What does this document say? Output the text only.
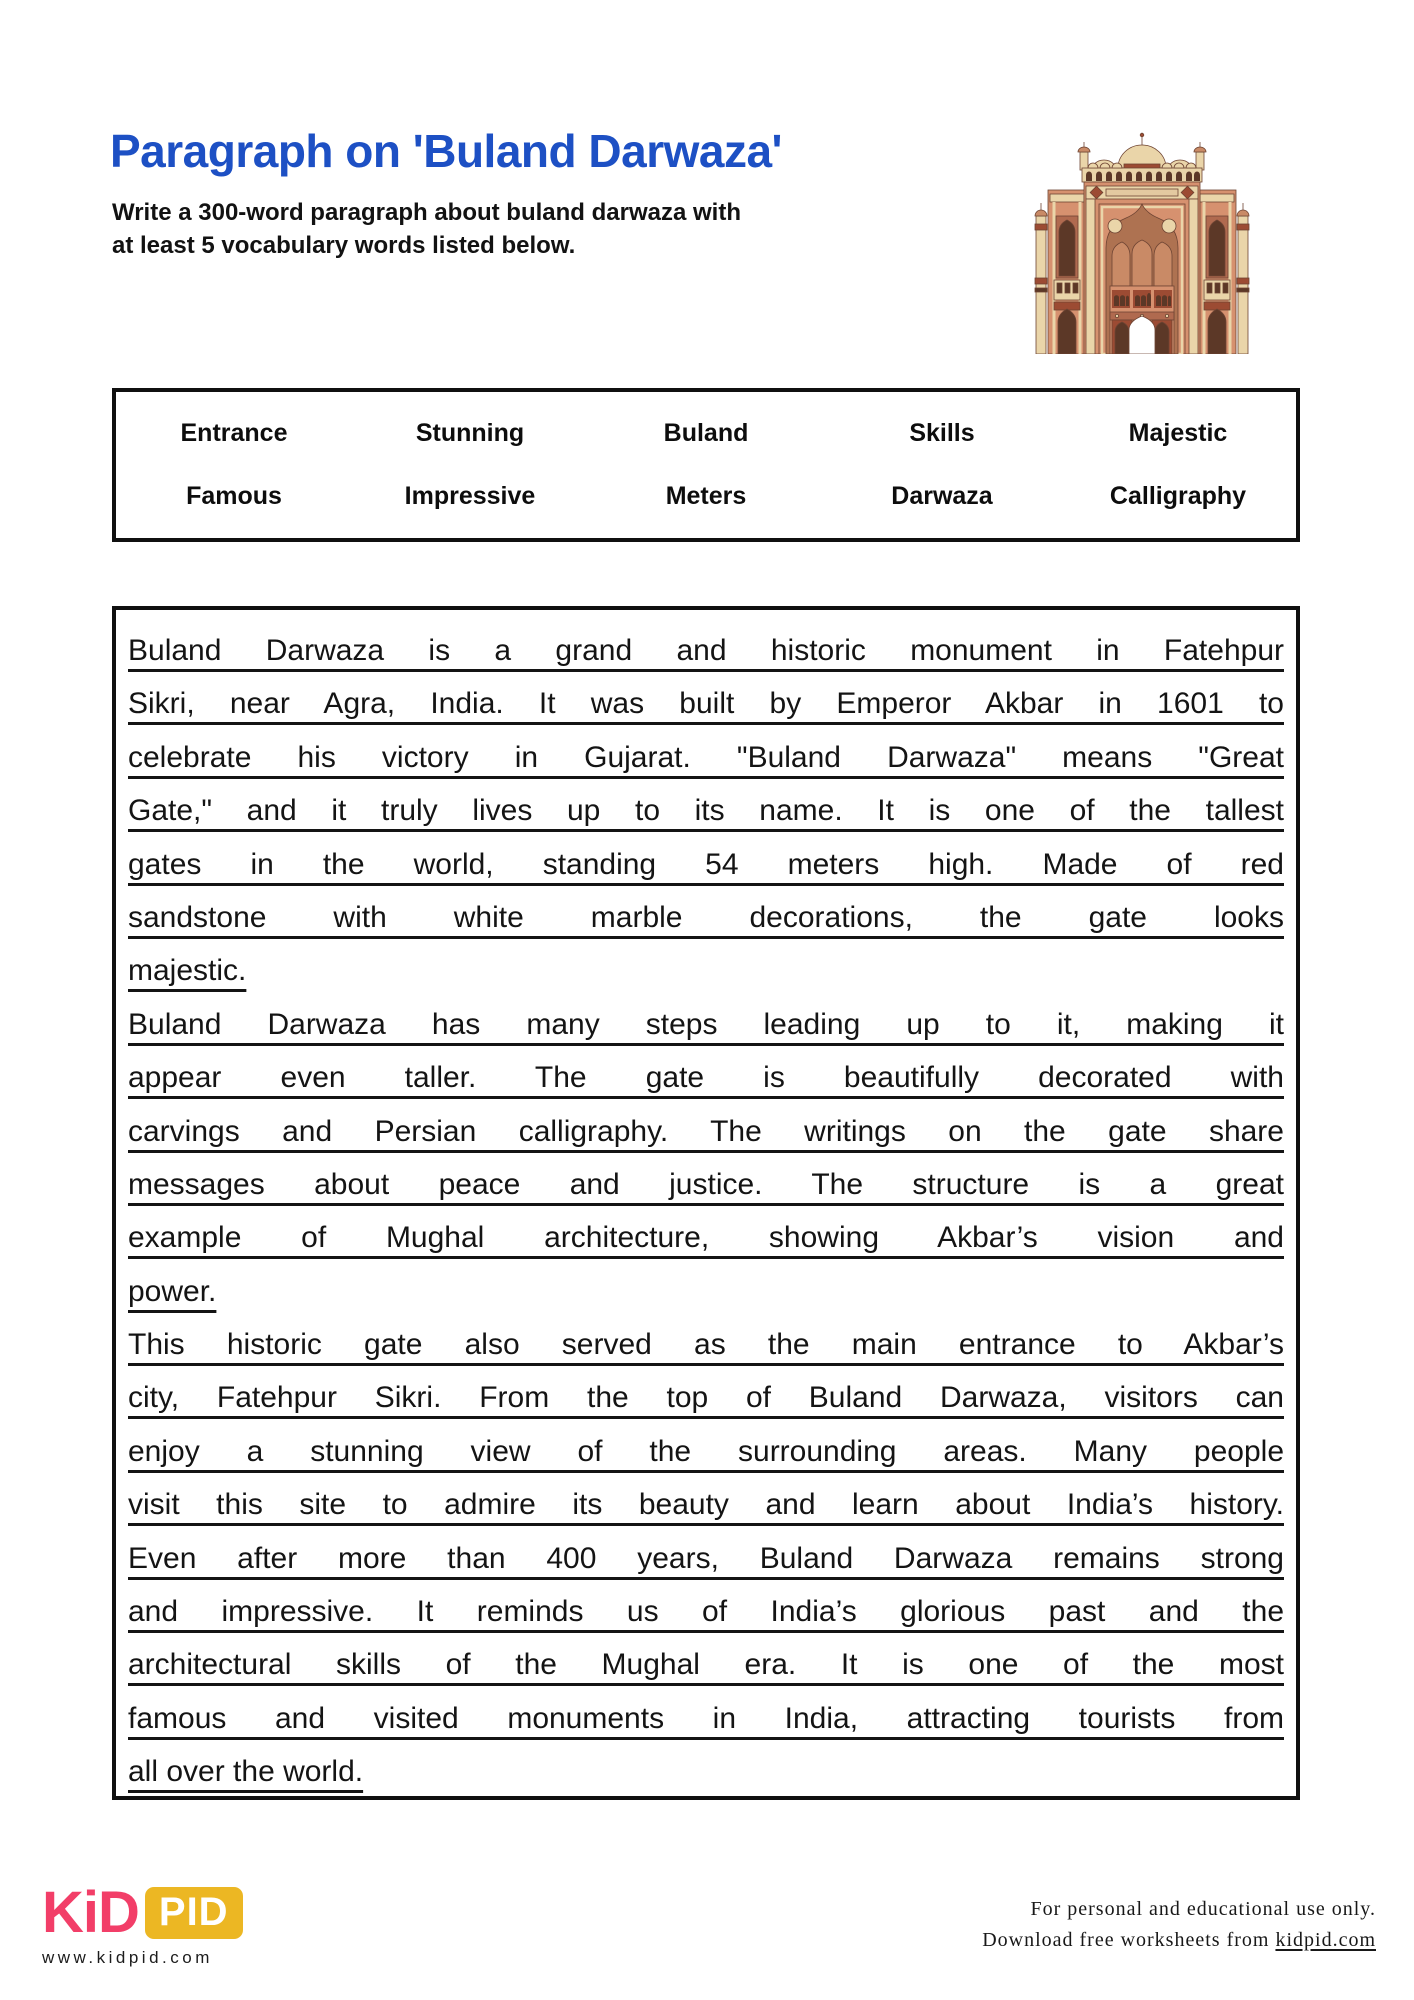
Paragraph on 'Buland Darwaza'
Write a 300-word paragraph about buland darwaza with
at least 5 vocabulary words listed below.
Entrance	Stunning	Buland	Skills	Majestic
Famous	Impressive	Meters	Darwaza	Calligraphy
Buland Darwaza is a grand and historic monument in Fatehpur
Sikri, near Agra, India. It was built by Emperor Akbar in 1601 to
celebrate his victory in Gujarat. "Buland Darwaza" means "Great
Gate," and it truly lives up to its name. It is one of the tallest
gates in the world, standing 54 meters high. Made of red
sandstone with white marble decorations, the gate looks
majestic.
Buland Darwaza has many steps leading up to it, making it
appear even taller. The gate is beautifully decorated with
carvings and Persian calligraphy. The writings on the gate share
messages about peace and justice. The structure is a great
example of Mughal architecture, showing Akbar’s vision and
power.
This historic gate also served as the main entrance to Akbar’s
city, Fatehpur Sikri. From the top of Buland Darwaza, visitors can
enjoy a stunning view of the surrounding areas. Many people
visit this site to admire its beauty and learn about India’s history.
Even after more than 400 years, Buland Darwaza remains strong
and impressive. It reminds us of India’s glorious past and the
architectural skills of the Mughal era. It is one of the most
famous and visited monuments in India, attracting tourists from
all over the world.
KiD PID
www.kidpid.com
For personal and educational use only.
Download free worksheets from kidpid.com
